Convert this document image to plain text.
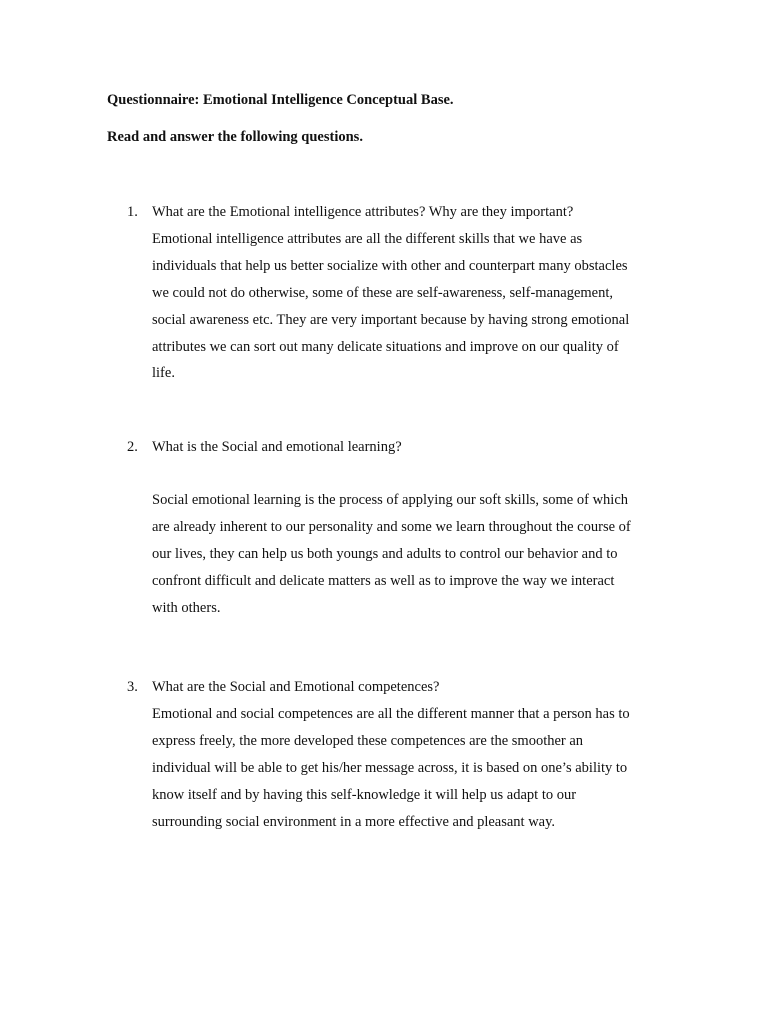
Questionnaire: Emotional Intelligence Conceptual Base.
Read and answer the following questions.
1. What are the Emotional intelligence attributes? Why are they important?
Emotional intelligence attributes are all the different skills that we have as
individuals that help us better socialize with other and counterpart many obstacles
we could not do otherwise, some of these are self-awareness, self-management,
social awareness etc. They are very important because by having strong emotional
attributes we can sort out many delicate situations and improve on our quality of
life.
2. What is the Social and emotional learning?
Social emotional learning is the process of applying our soft skills, some of which
are already inherent to our personality and some we learn throughout the course of
our lives, they can help us both youngs and adults to control our behavior and to
confront difficult and delicate matters as well as to improve the way we interact
with others.
3. What are the Social and Emotional competences?
Emotional and social competences are all the different manner that a person has to
express freely, the more developed these competences are the smoother an
individual will be able to get his/her message across, it is based on one’s ability to
know itself and by having this self-knowledge it will help us adapt to our
surrounding social environment in a more effective and pleasant way.
